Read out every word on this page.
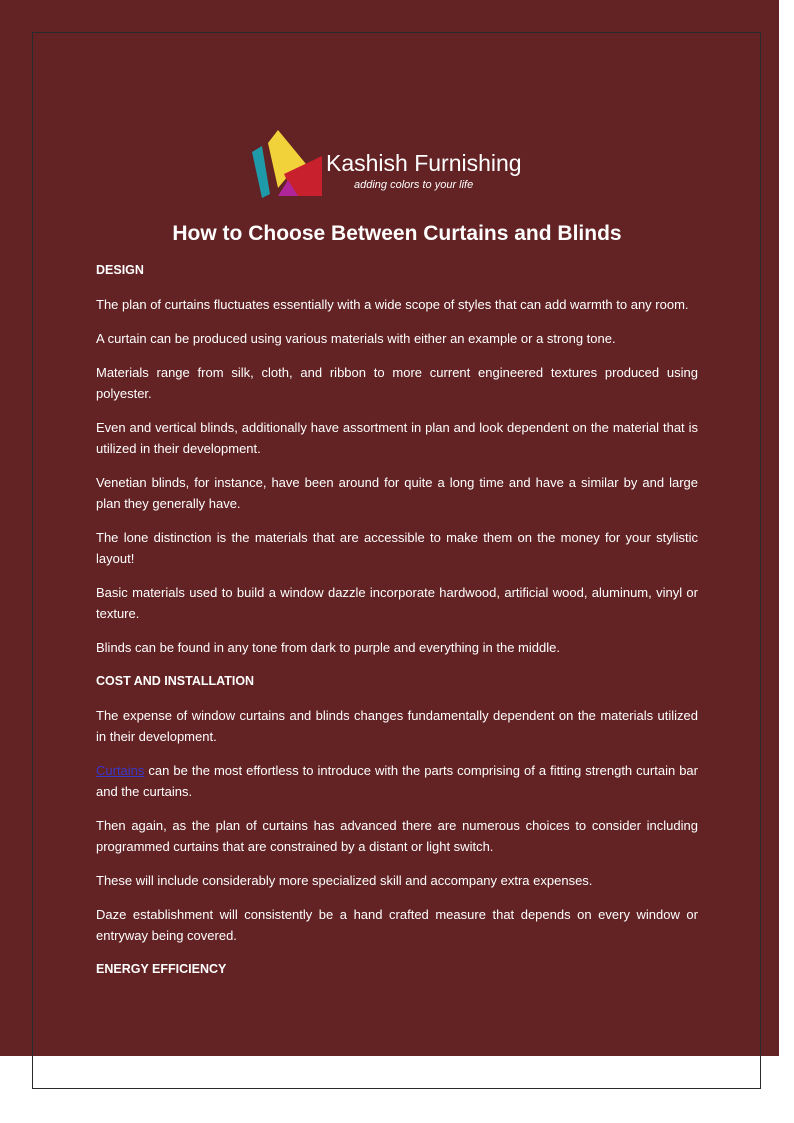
Kashish Furnishing
adding colors to your life
How to Choose Between Curtains and Blinds
DESIGN

The plan of curtains fluctuates essentially with a wide scope of styles that can add warmth to any room.

A curtain can be produced using various materials with either an example or a strong tone.

Materials range from silk, cloth, and ribbon to more current engineered textures produced using polyester.

Even and vertical blinds, additionally have assortment in plan and look dependent on the material that is utilized in their development.

Venetian blinds, for instance, have been around for quite a long time and have a similar by and large plan they generally have.

The lone distinction is the materials that are accessible to make them on the money for your stylistic layout!

Basic materials used to build a window dazzle incorporate hardwood, artificial wood, aluminum, vinyl or texture.

Blinds can be found in any tone from dark to purple and everything in the middle.

COST AND INSTALLATION

The expense of window curtains and blinds changes fundamentally dependent on the materials utilized in their development.

Curtains can be the most effortless to introduce with the parts comprising of a fitting strength curtain bar and the curtains.

Then again, as the plan of curtains has advanced there are numerous choices to consider including programmed curtains that are constrained by a distant or light switch.

These will include considerably more specialized skill and accompany extra expenses.

Daze establishment will consistently be a hand crafted measure that depends on every window or entryway being covered.

ENERGY EFFICIENCY
